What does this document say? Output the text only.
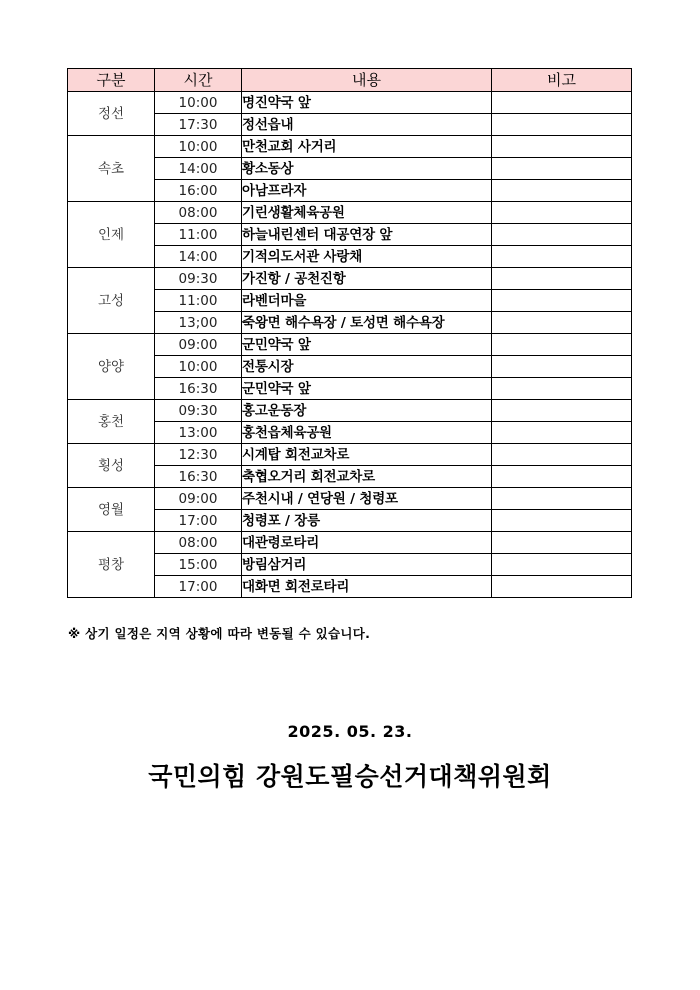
구분	시간	내용	비고
정선	10:00	명진약국 앞	
	17:30	정선읍내	
속초	10:00	만천교회 사거리	
	14:00	황소동상	
	16:00	아남프라자	
인제	08:00	기린생활체육공원	
	11:00	하늘내린센터 대공연장 앞	
	14:00	기적의도서관 사랑채	
고성	09:30	가진항 / 공천진항	
	11:00	라벤더마을	
	13;00	죽왕면 해수욕장 / 토성면 해수욕장	
양양	09:00	군민약국 앞	
	10:00	전통시장	
	16:30	군민약국 앞	
홍천	09:30	홍고운동장	
	13:00	홍천읍체육공원	
횡성	12:30	시계탑 회전교차로	
	16:30	축협오거리 회전교차로	
영월	09:00	주천시내 / 연당원 / 청령포	
	17:00	청령포 / 장릉	
평창	08:00	대관령로타리	
	15:00	방림삼거리	
	17:00	대화면 회전로타리	
※ 상기 일정은 지역 상황에 따라 변동될 수 있습니다.
2025. 05. 23.
국민의힘 강원도필승선거대책위원회
